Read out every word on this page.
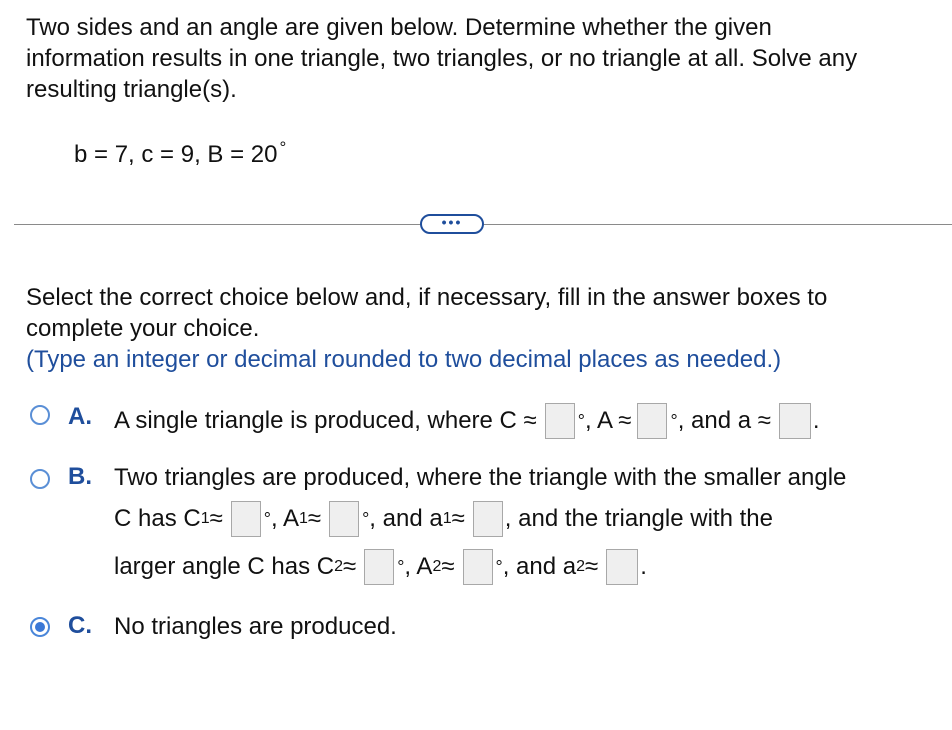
Two sides and an angle are given below. Determine whether the given
information results in one triangle, two triangles, or no triangle at all. Solve any
resulting triangle(s).
b = 7, c = 9, B = 20 °
•••
Select the correct choice below and, if necessary, fill in the answer boxes to
complete your choice.
(Type an integer or decimal rounded to two decimal places as needed.)
A. A single triangle is produced, where C ≈ ° , A ≈ ° , and a ≈ .
B. Two triangles are produced, where the triangle with the smaller angle
C has C 1 ≈ ° , A 1 ≈ ° , and a 1 ≈ , and the triangle with the
larger angle C has C 2 ≈ ° , A 2 ≈ ° , and a 2 ≈ .
C. No triangles are produced.
